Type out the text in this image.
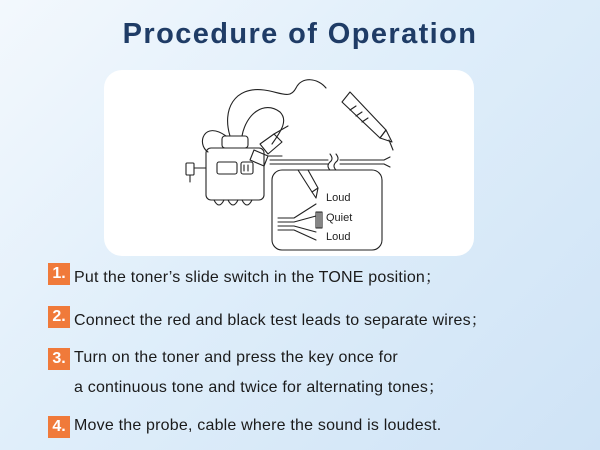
Procedure of Operation
Loud
Quiet
Loud
1. Put the toner’s slide switch in the TONE position；
2. Connect the red and black test leads to separate wires；
3. Turn on the toner and press the key once for
a continuous tone and twice for alternating tones；
4. Move the probe, cable where the sound is loudest.
